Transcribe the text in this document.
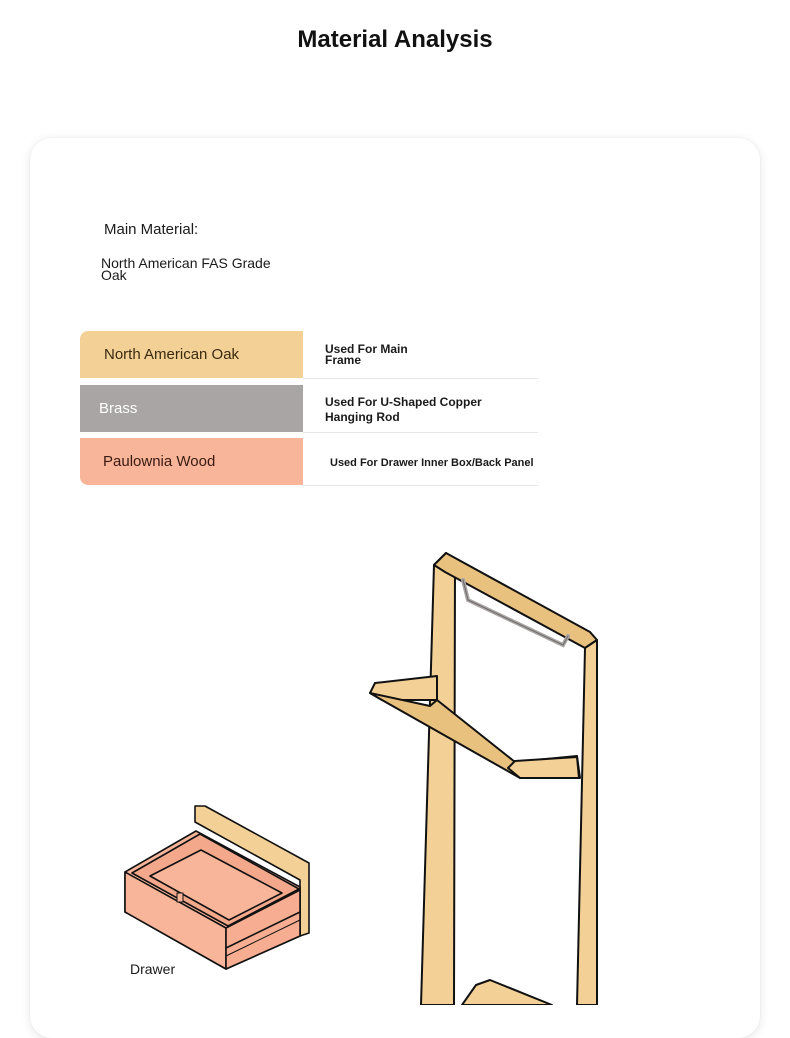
Material Analysis
Main Material:
North American FAS Grade Oak
North American Oak	Used For Main Frame
Brass	Used For U-Shaped Copper Hanging Rod
Paulownia Wood	Used For Drawer Inner Box/Back Panel
Drawer
